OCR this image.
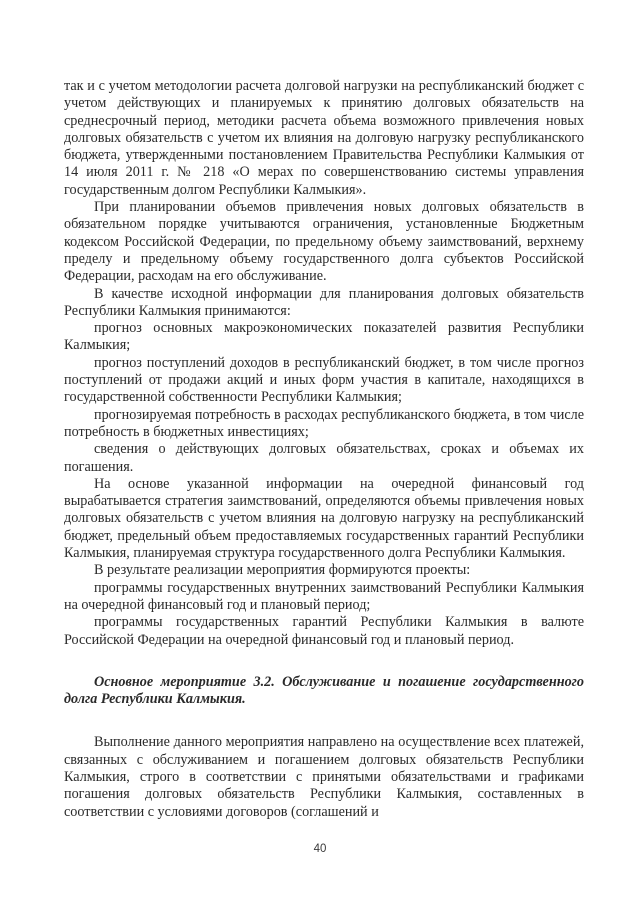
так и с учетом методологии расчета долговой нагрузки на республиканский бюджет с учетом действующих и планируемых к принятию долговых обязательств на среднесрочный период, методики расчета объема возможного привлечения новых долговых обязательств с учетом их влияния на долговую нагрузку республиканского бюджета, утвержденными постановлением Правительства Республики Калмыкия от 14 июля 2011 г. № 218 «О мерах по совершенствованию системы управления государственным долгом Республики Калмыкия».

При планировании объемов привлечения новых долговых обязательств в обязательном порядке учитываются ограничения, установленные Бюджетным кодексом Российской Федерации, по предельному объему заимствований, верхнему пределу и предельному объему государственного долга субъектов Российской Федерации, расходам на его обслуживание.

В качестве исходной информации для планирования долговых обязательств Республики Калмыкия принимаются:

прогноз основных макроэкономических показателей развития Республики Калмыкия;

прогноз поступлений доходов в республиканский бюджет, в том числе прогноз поступлений от продажи акций и иных форм участия в капитале, находящихся в государственной собственности Республики Калмыкия;

прогнозируемая потребность в расходах республиканского бюджета, в том числе потребность в бюджетных инвестициях;

сведения о действующих долговых обязательствах, сроках и объемах их погашения.

На основе указанной информации на очередной финансовый год вырабатывается стратегия заимствований, определяются объемы привлечения новых долговых обязательств с учетом влияния на долговую нагрузку на республиканский бюджет, предельный объем предоставляемых государственных гарантий Республики Калмыкия, планируемая структура государственного долга Республики Калмыкия.

В результате реализации мероприятия формируются проекты:

программы государственных внутренних заимствований Республики Калмыкия на очередной финансовый год и плановый период;

программы государственных гарантий Республики Калмыкия в валюте Российской Федерации на очередной финансовый год и плановый период.

Основное мероприятие 3.2. Обслуживание и погашение государственного долга Республики Калмыкия.

Выполнение данного мероприятия направлено на осуществление всех платежей, связанных с обслуживанием и погашением долговых обязательств Республики Калмыкия, строго в соответствии с принятыми обязательствами и графиками погашения долговых обязательств Республики Калмыкия, составленных в соответствии с условиями договоров (соглашений и

40
